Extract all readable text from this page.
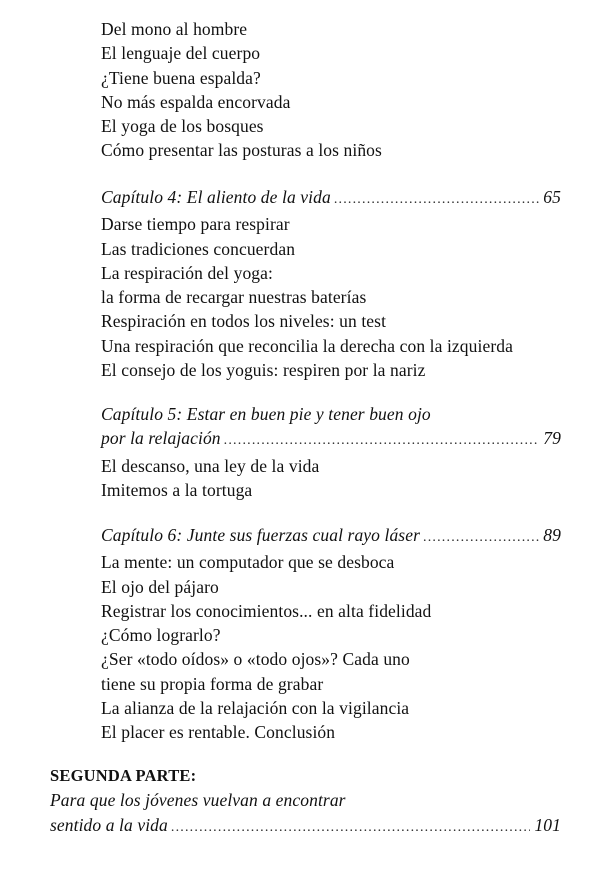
Del mono al hombre
El lenguaje del cuerpo
¿Tiene buena espalda?
No más espalda encorvada
El yoga de los bosques
Cómo presentar las posturas a los niños
Capítulo 4: El aliento de la vida .....	65
Darse tiempo para respirar
Las tradiciones concuerdan
La respiración del yoga:
la forma de recargar nuestras baterías
Respiración en todos los niveles: un test
Una respiración que reconcilia la derecha con la izquierda
El consejo de los yoguis: respiren por la nariz
Capítulo 5: Estar en buen pie y tener buen ojo
por la relajación .....	79
El descanso, una ley de la vida
Imitemos a la tortuga
Capítulo 6: Junte sus fuerzas cual rayo láser .....	89
La mente: un computador que se desboca
El ojo del pájaro
Registrar los conocimientos... en alta fidelidad
¿Cómo lograrlo?
¿Ser «todo oídos» o «todo ojos»? Cada uno
tiene su propia forma de grabar
La alianza de la relajación con la vigilancia
El placer es rentable. Conclusión
SEGUNDA PARTE:
Para que los jóvenes vuelvan a encontrar
sentido a la vida .....	101
